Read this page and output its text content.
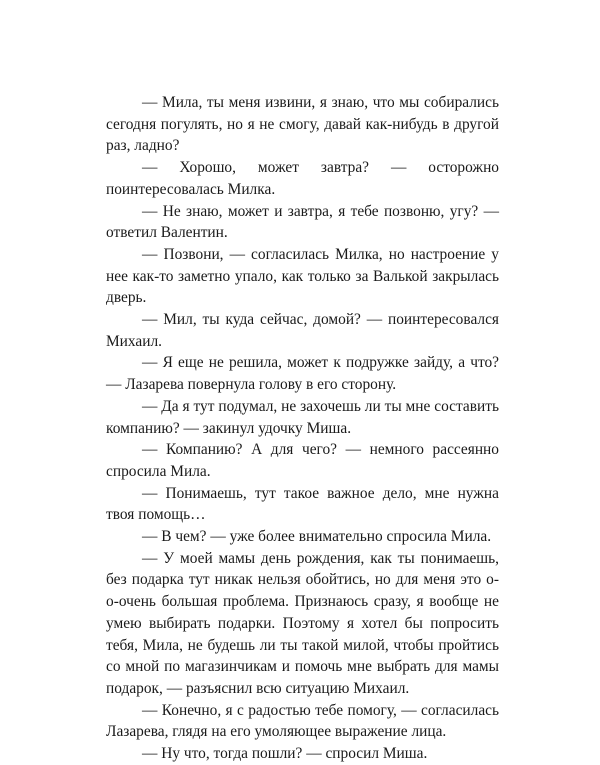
— Мила, ты меня извини, я знаю, что мы собирались сегодня погулять, но я не смогу, давай как-нибудь в другой раз, ладно?

— Хорошо, может завтра? — осторожно поинтересовалась Милка.

— Не знаю, может и завтра, я тебе позвоню, угу? — ответил Валентин.

— Позвони, — согласилась Милка, но настроение у нее как-то заметно упало, как только за Валькой закрылась дверь.

— Мил, ты куда сейчас, домой? — поинтересовался Михаил.

— Я еще не решила, может к подружке зайду, а что? — Лазарева повернула голову в его сторону.

— Да я тут подумал, не захочешь ли ты мне составить компанию? — закинул удочку Миша.

— Компанию? А для чего? — немного рассеянно спросила Мила.

— Понимаешь, тут такое важное дело, мне нужна твоя помощь…

— В чем? — уже более внимательно спросила Мила.

— У моей мамы день рождения, как ты понимаешь, без подарка тут никак нельзя обойтись, но для меня это о-о-очень большая проблема. Признаюсь сразу, я вообще не умею выбирать подарки. Поэтому я хотел бы попросить тебя, Мила, не будешь ли ты такой милой, чтобы пройтись со мной по магазинчикам и помочь мне выбрать для мамы подарок, — разъяснил всю ситуацию Михаил.

— Конечно, я с радостью тебе помогу, — согласилась Лазарева, глядя на его умоляющее выражение лица.

— Ну что, тогда пошли? — спросил Миша.
